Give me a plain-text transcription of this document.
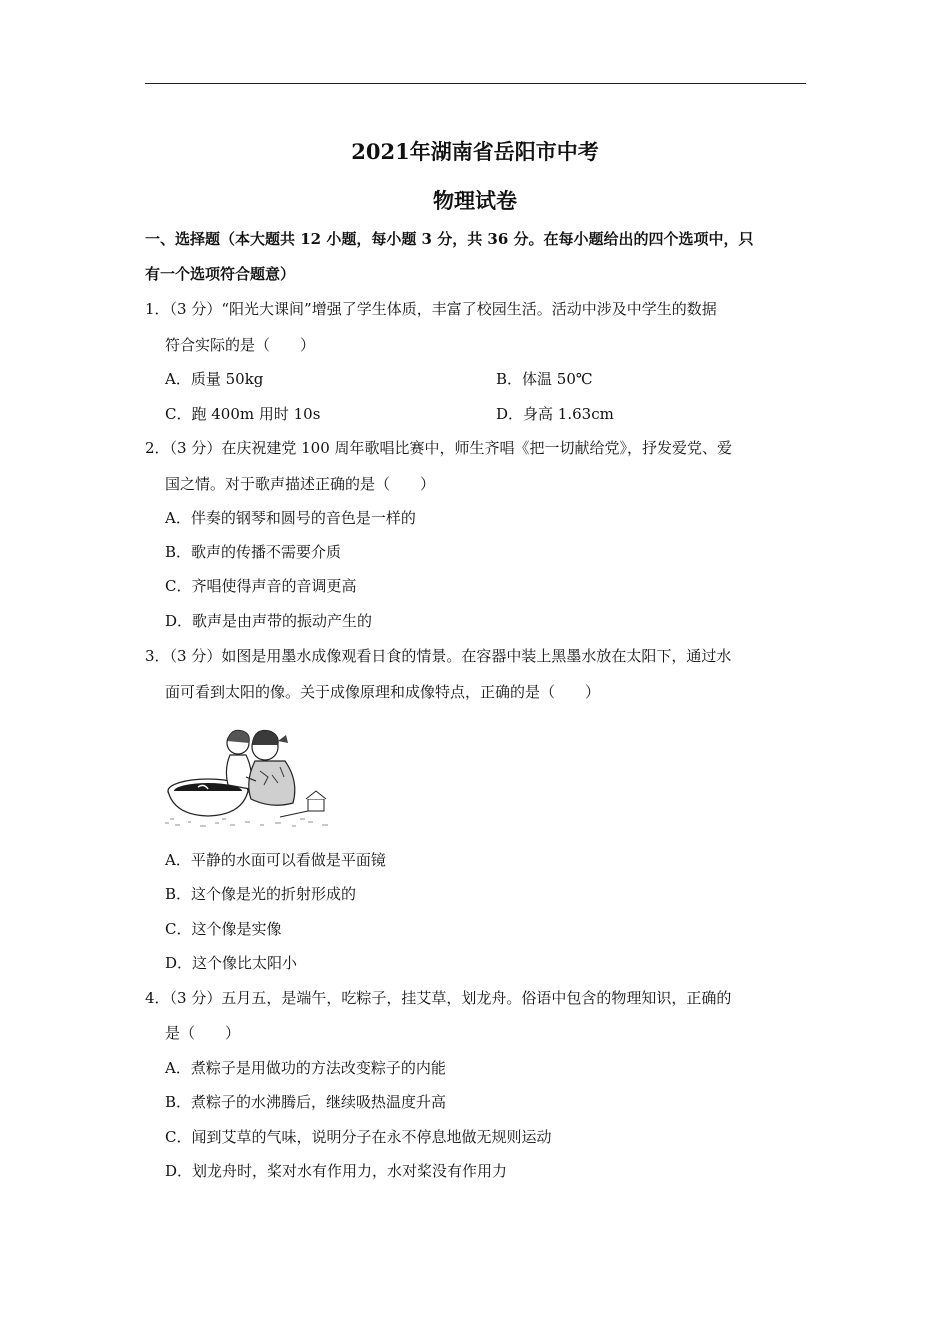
2021年湖南省岳阳市中考
物理试卷
一、选择题（本大题共 12 小题，每小题 3 分，共 36 分。在每小题给出的四个选项中，只
有一个选项符合题意）
1．（3 分）“阳光大课间”增强了学生体质，丰富了校园生活。活动中涉及中学生的数据
符合实际的是（　　）
A．质量 50kg	B．体温 50℃
C．跑 400m 用时 10s	D．身高 1.63cm
2．（3 分）在庆祝建党 100 周年歌唱比赛中，师生齐唱《把一切献给党》，抒发爱党、爱
国之情。对于歌声描述正确的是（　　）
A．伴奏的钢琴和圆号的音色是一样的
B．歌声的传播不需要介质
C．齐唱使得声音的音调更高
D．歌声是由声带的振动产生的
3．（3 分）如图是用墨水成像观看日食的情景。在容器中装上黑墨水放在太阳下，通过水
面可看到太阳的像。关于成像原理和成像特点，正确的是（　　）
A．平静的水面可以看做是平面镜
B．这个像是光的折射形成的
C．这个像是实像
D．这个像比太阳小
4．（3 分）五月五，是端午，吃粽子，挂艾草，划龙舟。俗语中包含的物理知识，正确的
是（　　）
A．煮粽子是用做功的方法改变粽子的内能
B．煮粽子的水沸腾后，继续吸热温度升高
C．闻到艾草的气味，说明分子在永不停息地做无规则运动
D．划龙舟时，桨对水有作用力，水对桨没有作用力
